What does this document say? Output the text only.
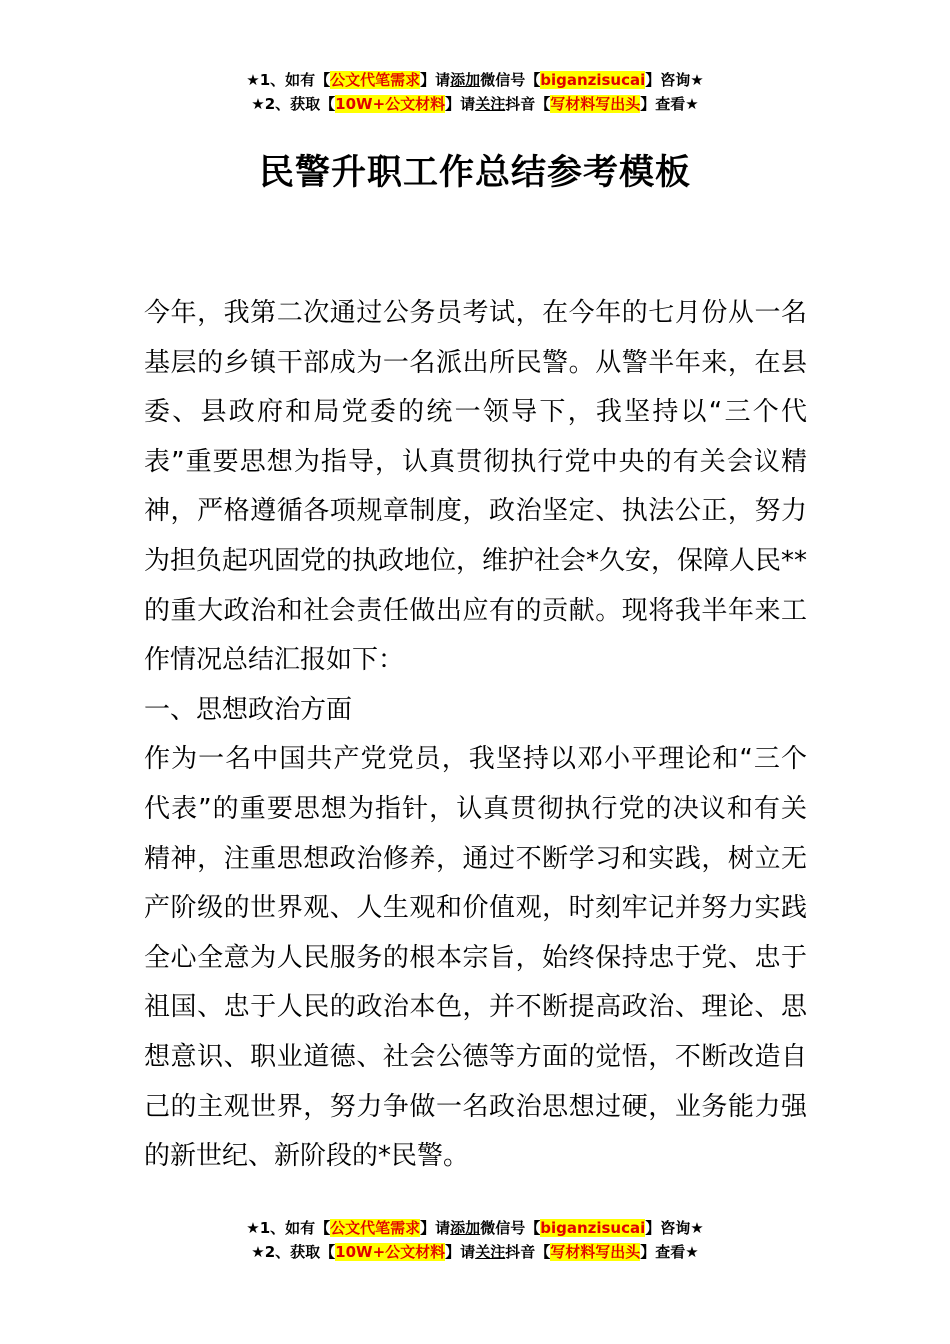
★1、如有【公文代笔需求】请添加微信号【biganzisucai】咨询★
★2、获取【10W+公文材料】请关注抖音【写材料写出头】查看★
民警升职工作总结参考模板

今年，我第二次通过公务员考试，在今年的七月份从一名基层的乡镇干部成为一名派出所民警。从警半年来，在县委、县政府和局党委的统一领导下，我坚持以“三个代表”重要思想为指导，认真贯彻执行党中央的有关会议精神，严格遵循各项规章制度，政治坚定、执法公正，努力为担负起巩固党的执政地位，维护社会*久安，保障人民**的重大政治和社会责任做出应有的贡献。现将我半年来工作情况总结汇报如下：

一、思想政治方面

作为一名中国共产党党员，我坚持以邓小平理论和“三个代表”的重要思想为指针，认真贯彻执行党的决议和有关精神，注重思想政治修养，通过不断学习和实践，树立无产阶级的世界观、人生观和价值观，时刻牢记并努力实践全心全意为人民服务的根本宗旨，始终保持忠于党、忠于祖国、忠于人民的政治本色，并不断提高政治、理论、思想意识、职业道德、社会公德等方面的觉悟，不断改造自己的主观世界，努力争做一名政治思想过硬，业务能力强的新世纪、新阶段的*民警。

★1、如有【公文代笔需求】请添加微信号【biganzisucai】咨询★
★2、获取【10W+公文材料】请关注抖音【写材料写出头】查看★
